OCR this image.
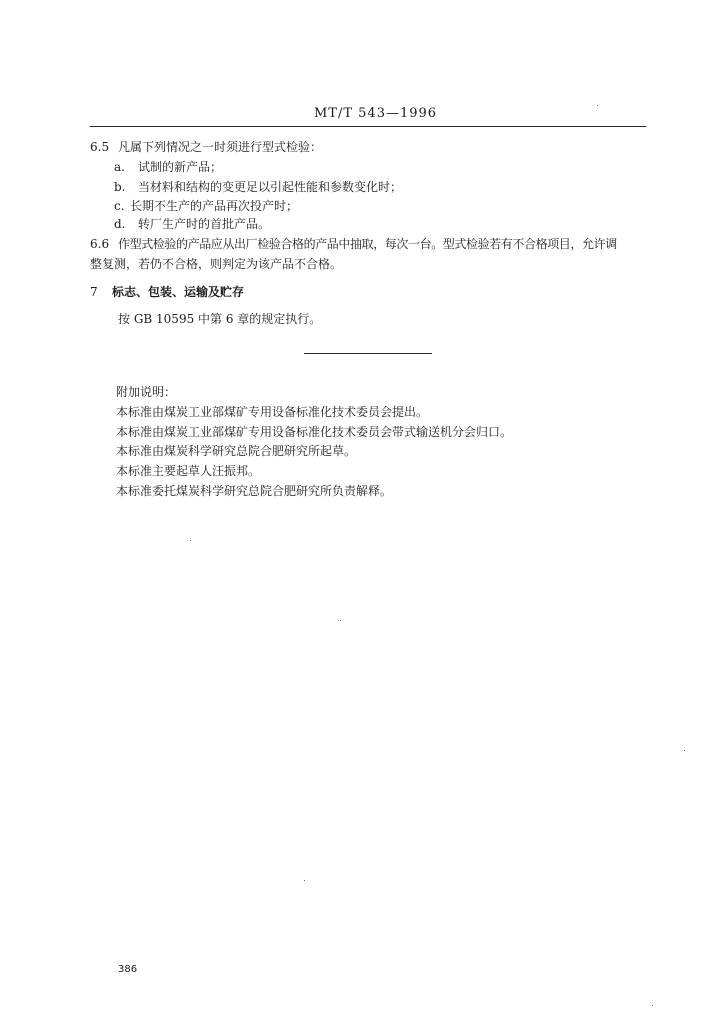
MT/T 543—1996
6.5 凡属下列情况之一时须进行型式检验：
a. 试制的新产品；
b. 当材料和结构的变更足以引起性能和参数变化时；
c. 长期不生产的产品再次投产时；
d. 转厂生产时的首批产品。
6.6 作型式检验的产品应从出厂检验合格的产品中抽取，每次一台。型式检验若有不合格项目，允许调
整复测，若仍不合格，则判定为该产品不合格。
7 标志、包装、运输及贮存
按 GB 10595 中第 6 章的规定执行。
附加说明：
本标准由煤炭工业部煤矿专用设备标准化技术委员会提出。
本标准由煤炭工业部煤矿专用设备标准化技术委员会带式输送机分会归口。
本标准由煤炭科学研究总院合肥研究所起草。
本标准主要起草人汪振邦。
本标准委托煤炭科学研究总院合肥研究所负责解释。
386
